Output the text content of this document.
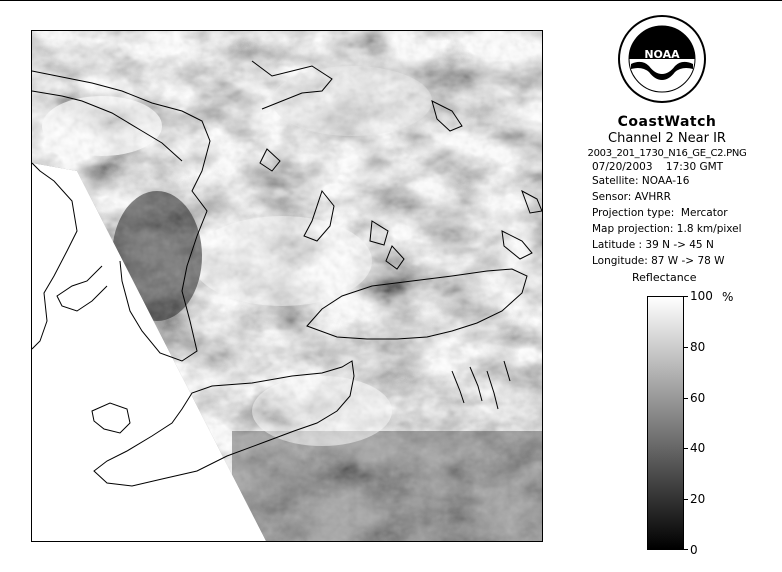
NOAA

CoastWatch

Channel 2 Near IR

2003_201_1730_N16_GE_C2.PNG

07/20/2003 17:30 GMT

Satellite: NOAA-16

Sensor: AVHRR

Projection type:  Mercator

Map projection: 1.8 km/pixel

Latitude : 39 N -> 45 N

Longitude: 87 W -> 78 W

Reflectance
%
100
80
60
40
20
0
